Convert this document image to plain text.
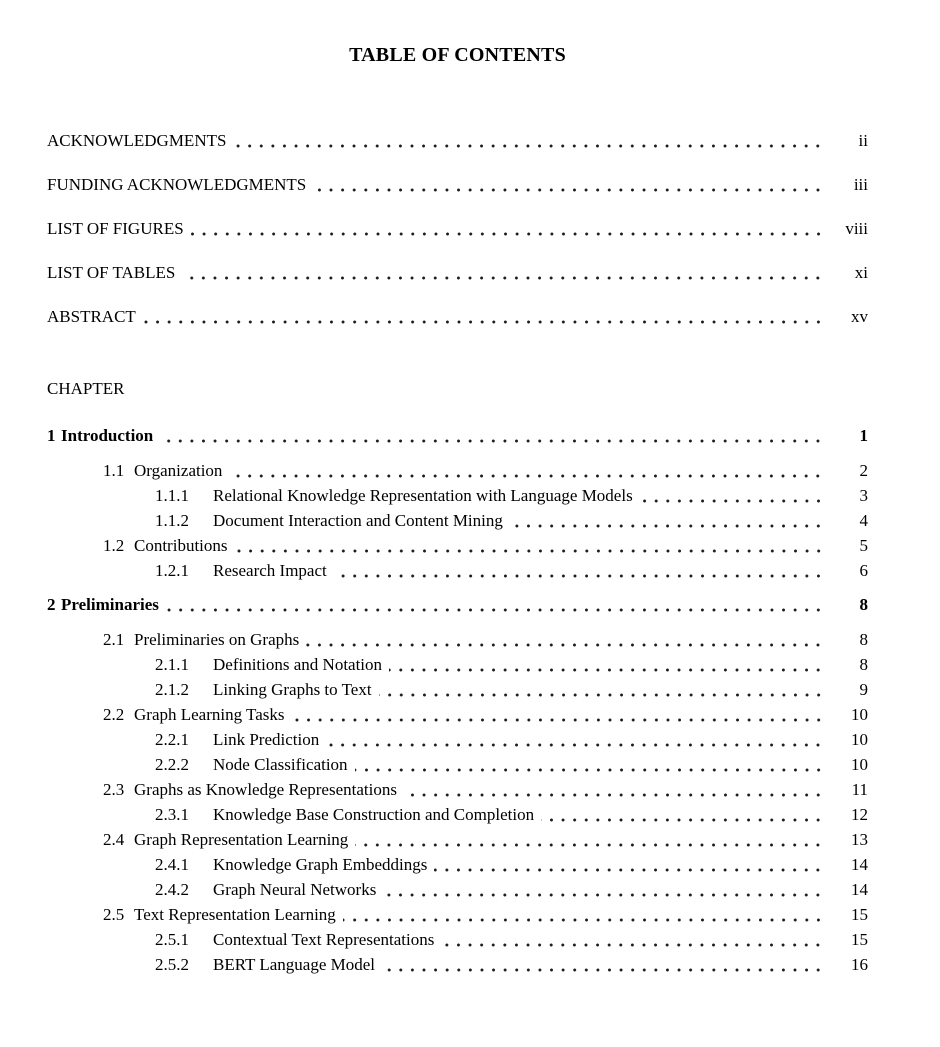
TABLE OF CONTENTS
ACKNOWLEDGMENTS	ii
FUNDING ACKNOWLEDGMENTS	iii
LIST OF FIGURES	viii
LIST OF TABLES	xi
ABSTRACT	xv
CHAPTER
1 Introduction	1
1.1 Organization	2
1.1.1	Relational Knowledge Representation with Language Models	3
1.1.2	Document Interaction and Content Mining	4
1.2 Contributions	5
1.2.1	Research Impact	6
2 Preliminaries	8
2.1 Preliminaries on Graphs	8
2.1.1	Definitions and Notation	8
2.1.2	Linking Graphs to Text	9
2.2 Graph Learning Tasks	10
2.2.1	Link Prediction	10
2.2.2	Node Classification	10
2.3 Graphs as Knowledge Representations	11
2.3.1	Knowledge Base Construction and Completion	12
2.4 Graph Representation Learning	13
2.4.1	Knowledge Graph Embeddings	14
2.4.2	Graph Neural Networks	14
2.5 Text Representation Learning	15
2.5.1	Contextual Text Representations	15
2.5.2	BERT Language Model	16
